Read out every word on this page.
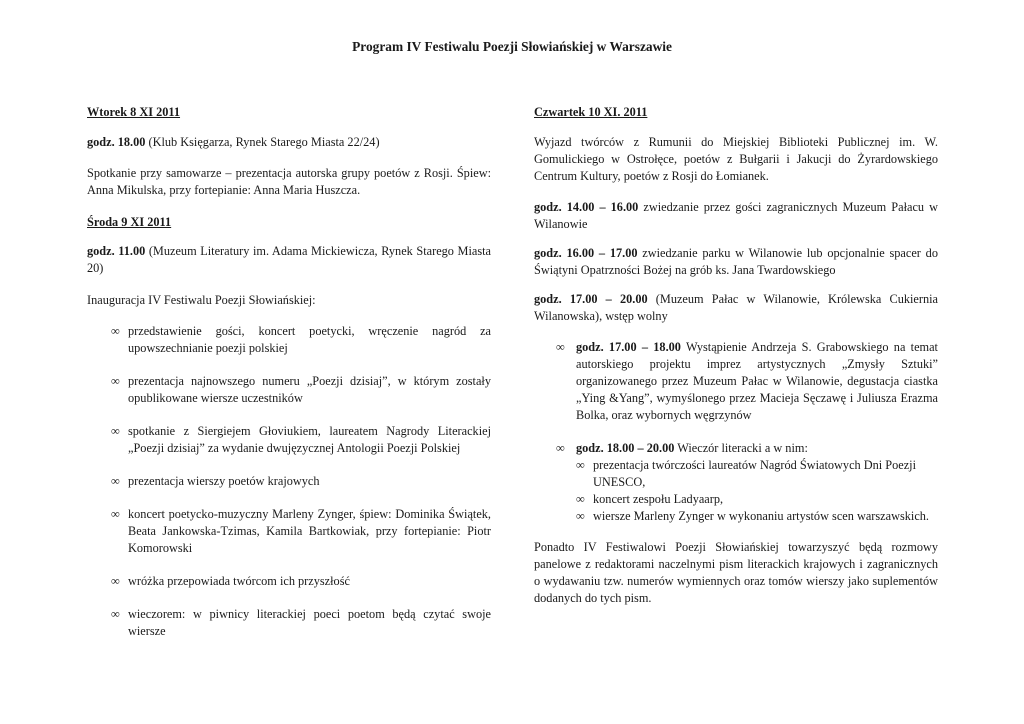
Program IV Festiwalu Poezji Słowiańskiej w Warszawie

Wtorek 8 XI 2011

godz. 18.00 (Klub Księgarza, Rynek Starego Miasta 22/24)

Spotkanie przy samowarze – prezentacja autorska grupy poetów z Rosji. Śpiew: Anna Mikulska, przy fortepianie: Anna Maria Huszcza.

Środa 9 XI 2011

godz. 11.00 (Muzeum Literatury im. Adama Mickiewicza, Rynek Starego Miasta 20)

Inauguracja IV Festiwalu Poezji Słowiańskiej:

∞ przedstawienie gości, koncert poetycki, wręczenie nagród za upowszechnianie poezji polskiej
∞ prezentacja najnowszego numeru „Poezji dzisiaj”, w którym zostały opublikowane wiersze uczestników
∞ spotkanie z Siergiejem Głoviukiem, laureatem Nagrody Literackiej „Poezji dzisiaj” za wydanie dwujęzycznej Antologii Poezji Polskiej
∞ prezentacja wierszy poetów krajowych
∞ koncert poetycko-muzyczny Marleny Zynger, śpiew: Dominika Świątek, Beata Jankowska-Tzimas, Kamila Bartkowiak, przy fortepianie: Piotr Komorowski
∞ wróżka przepowiada twórcom ich przyszłość
∞ wieczorem: w piwnicy literackiej poeci poetom będą czytać swoje wiersze

Czwartek 10 XI. 2011

Wyjazd twórców z Rumunii do Miejskiej Biblioteki Publicznej im. W. Gomulickiego w Ostrołęce, poetów z Bułgarii i Jakucji do Żyrardowskiego Centrum Kultury, poetów z Rosji do Łomianek.

godz. 14.00 – 16.00 zwiedzanie przez gości zagranicznych Muzeum Pałacu w Wilanowie

godz. 16.00 – 17.00 zwiedzanie parku w Wilanowie lub opcjonalnie spacer do Świątyni Opatrzności Bożej na grób ks. Jana Twardowskiego

godz. 17.00 – 20.00 (Muzeum Pałac w Wilanowie, Królewska Cukiernia Wilanowska), wstęp wolny

∞ godz. 17.00 – 18.00 Wystąpienie Andrzeja S. Grabowskiego na temat autorskiego projektu imprez artystycznych „Zmysły Sztuki” organizowanego przez Muzeum Pałac w Wilanowie, degustacja ciastka „Ying &Yang”, wymyślonego przez Macieja Sęczawę i Juliusza Erazma Bolka, oraz wybornych węgrzynów
∞ godz. 18.00 – 20.00 Wieczór literacki a w nim:
∞ prezentacja twórczości laureatów Nagród Światowych Dni Poezji UNESCO,
∞ koncert zespołu Ladyaarp,
∞ wiersze Marleny Zynger w wykonaniu artystów scen warszawskich.

Ponadto IV Festiwalowi Poezji Słowiańskiej towarzyszyć będą rozmowy panelowe z redaktorami naczelnymi pism literackich krajowych i zagranicznych o wydawaniu tzw. numerów wymiennych oraz tomów wierszy jako suplementów dodanych do tych pism.
